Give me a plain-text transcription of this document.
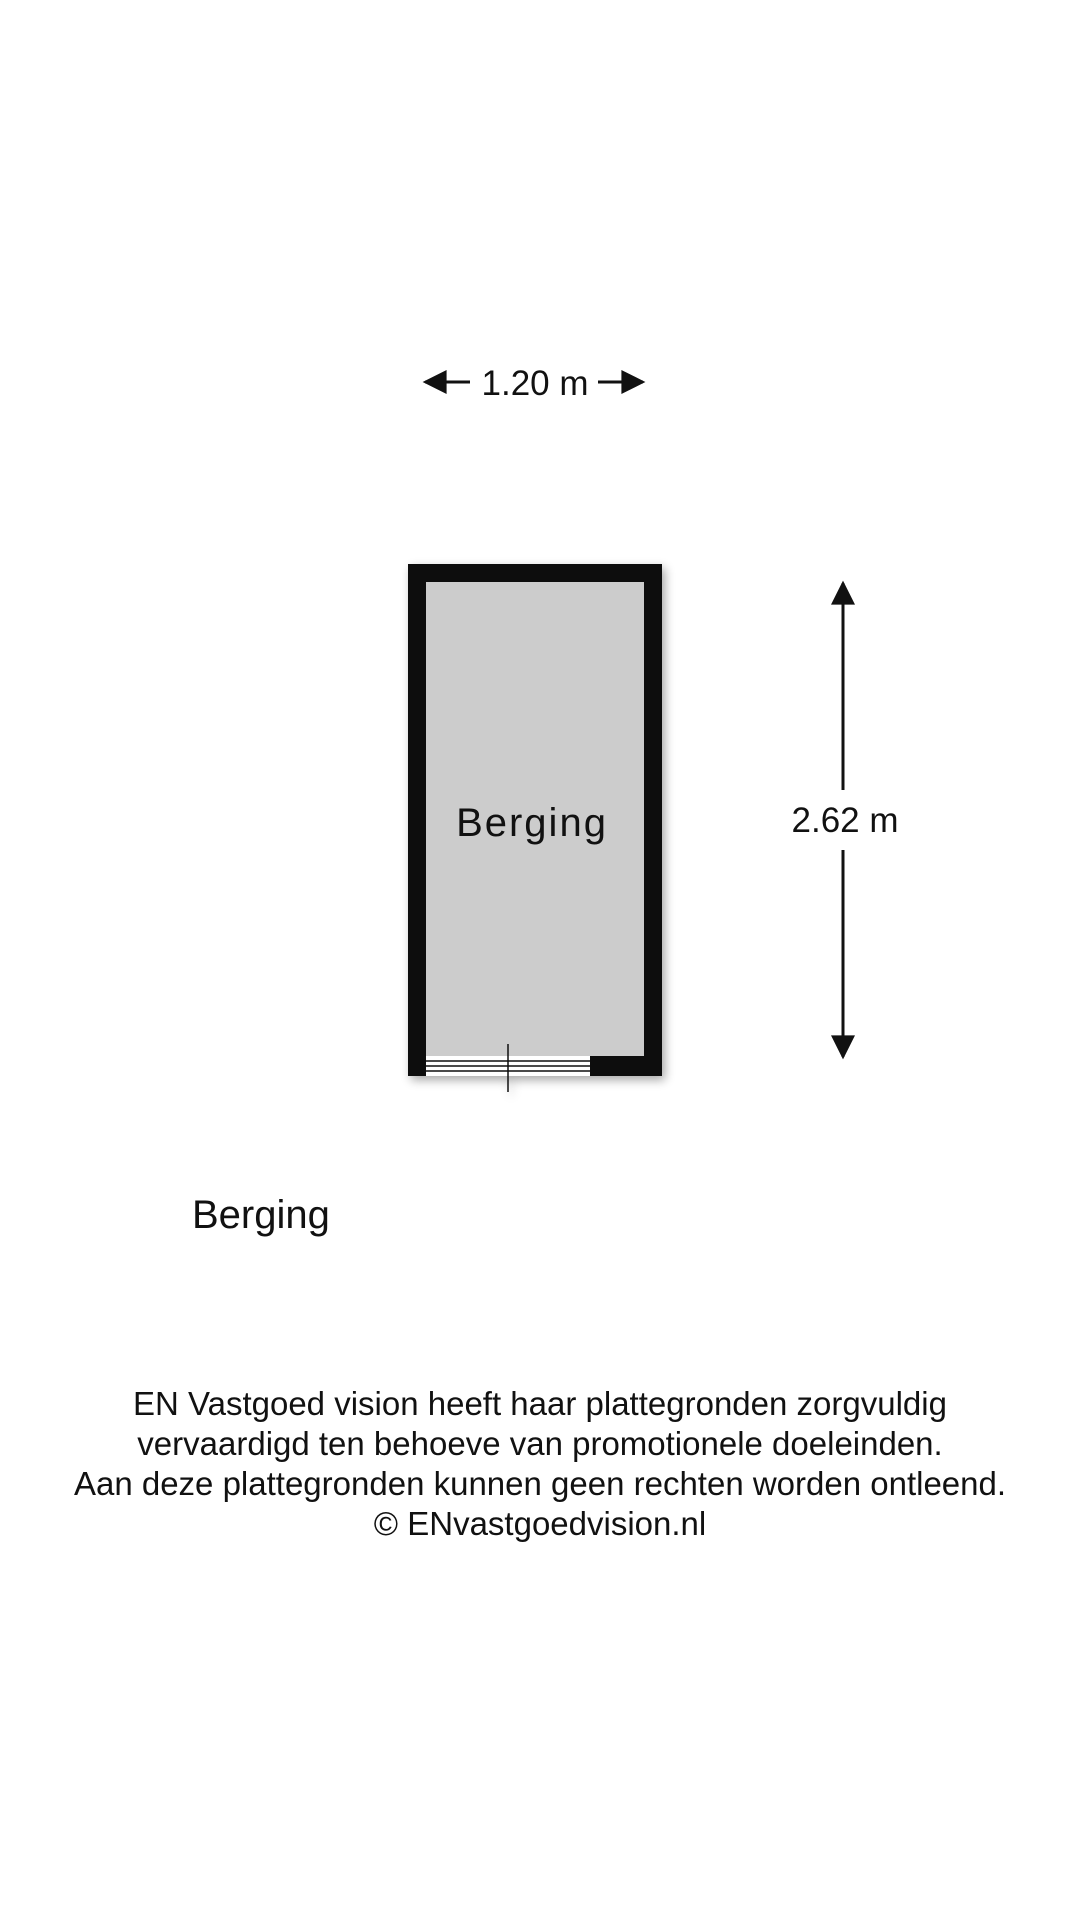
1.20 m
Berging	2.62 m
Berging
EN Vastgoed vision heeft haar plattegronden zorgvuldig
vervaardigd ten behoeve van promotionele doeleinden.
Aan deze plattegronden kunnen geen rechten worden ontleend.
© ENvastgoedvision.nl
